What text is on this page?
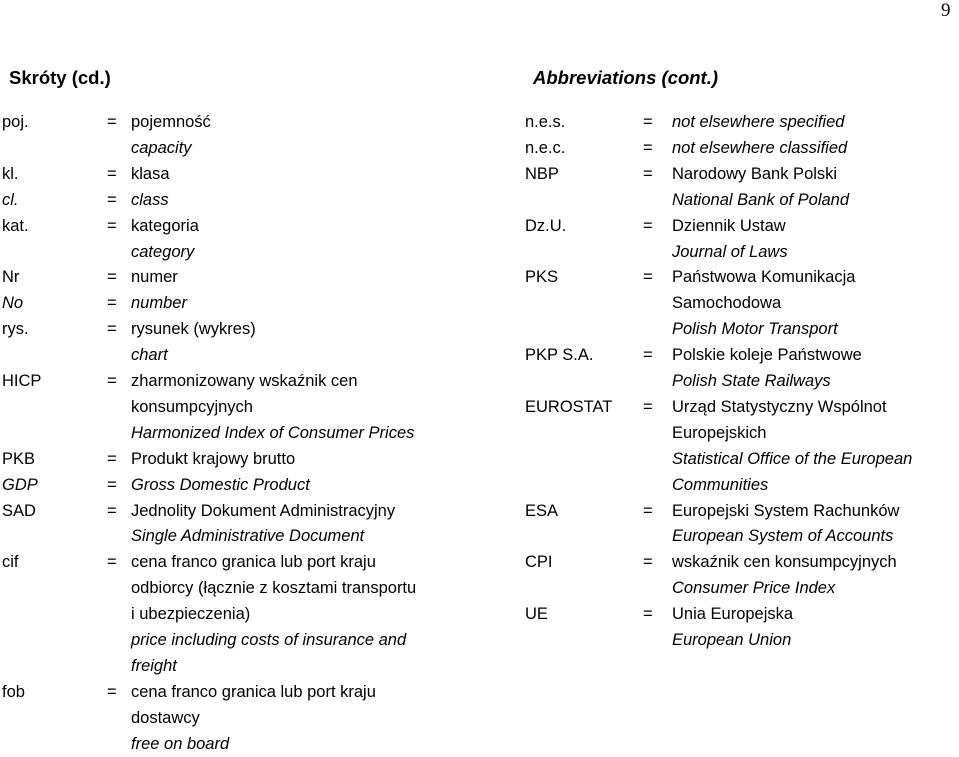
9
Skróty (cd.)	Abbreviations (cont.)
poj.	= pojemność
capacity
kl.	= klasa
cl.	= class
kat.	= kategoria
category
Nr	= numer
No	= number
rys.	= rysunek (wykres)
chart
HICP	= zharmonizowany wskaźnik cen
konsumpcyjnych
Harmonized Index of Consumer Prices
PKB	= Produkt krajowy brutto
GDP	= Gross Domestic Product
SAD	= Jednolity Dokument Administracyjny
Single Administrative Document
cif	= cena franco granica lub port kraju
odbiorcy (łącznie z kosztami transportu
i ubezpieczenia)
price including costs of insurance and
freight
fob	= cena franco granica lub port kraju
dostawcy
free on board
n.e.s.	= not elsewhere specified
n.e.c.	= not elsewhere classified
NBP	= Narodowy Bank Polski
National Bank of Poland
Dz.U.	= Dziennik Ustaw
Journal of Laws
PKS	= Państwowa Komunikacja
Samochodowa
Polish Motor Transport
PKP S.A.	= Polskie koleje Państwowe
Polish State Railways
EUROSTAT = Urząd Statystyczny Wspólnot
Europejskich
Statistical Office of the European
Communities
ESA	= Europejski System Rachunków
European System of Accounts
CPI	= wskaźnik cen konsumpcyjnych
Consumer Price Index
UE	= Unia Europejska
European Union
